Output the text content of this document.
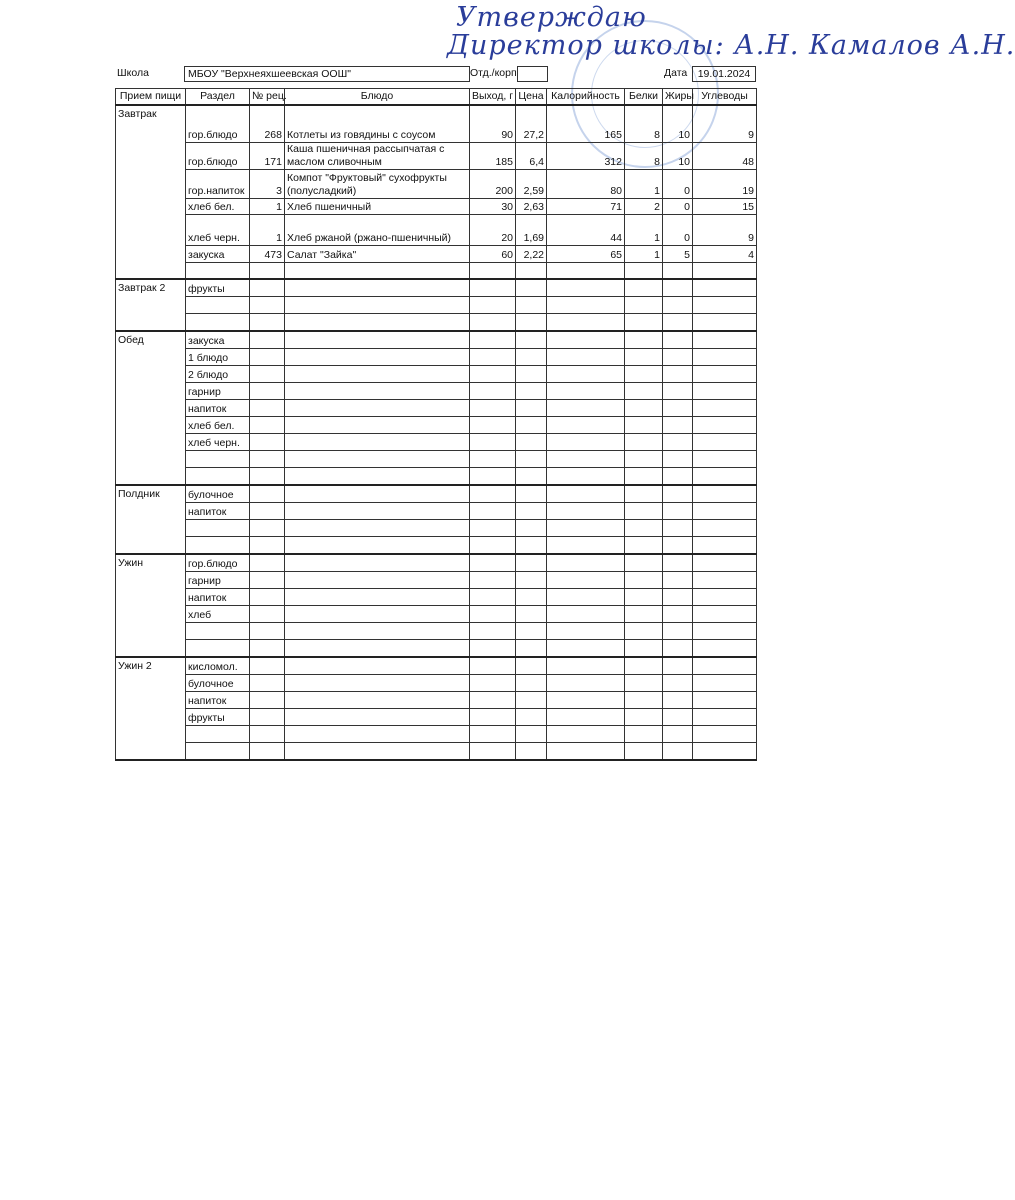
Утверждаю
Директор школы: А.Н. Камалов А.Н.
Школа	МБОУ "Верхнеяхшеевская ООШ"	Отд./корп	Дата 19.01.2024
Прием пищи	Раздел	№ рец.	Блюдо	Выход, г	Цена	Калорийность	Белки	Жиры	Углеводы
Завтрак	гор.блюдо	268	Котлеты из говядины с соусом	90	27,2	165	8	10	9
	гор.блюдо	171	Каша пшеничная рассыпчатая с маслом сливочным	185	6,4	312	8	10	48
	гор.напиток	3	Компот "Фруктовый" сухофрукты (полусладкий)	200	2,59	80	1	0	19
	хлеб бел.	1	Хлеб пшеничный	30	2,63	71	2	0	15
	хлеб черн.	1	Хлеб ржаной (ржано-пшеничный)	20	1,69	44	1	0	9
	закуска	473	Салат "Зайка"	60	2,22	65	1	5	4

Завтрак 2	фрукты								

Обед	закуска								
	1 блюдо								
	2 блюдо								
	гарнир								
	напиток								
	хлеб бел.								
	хлеб черн.								

Полдник	булочное								
	напиток								

Ужин	гор.блюдо								
	гарнир								
	напиток								
	хлеб								

Ужин 2	кисломол.								
	булочное								
	напиток								
	фрукты								
